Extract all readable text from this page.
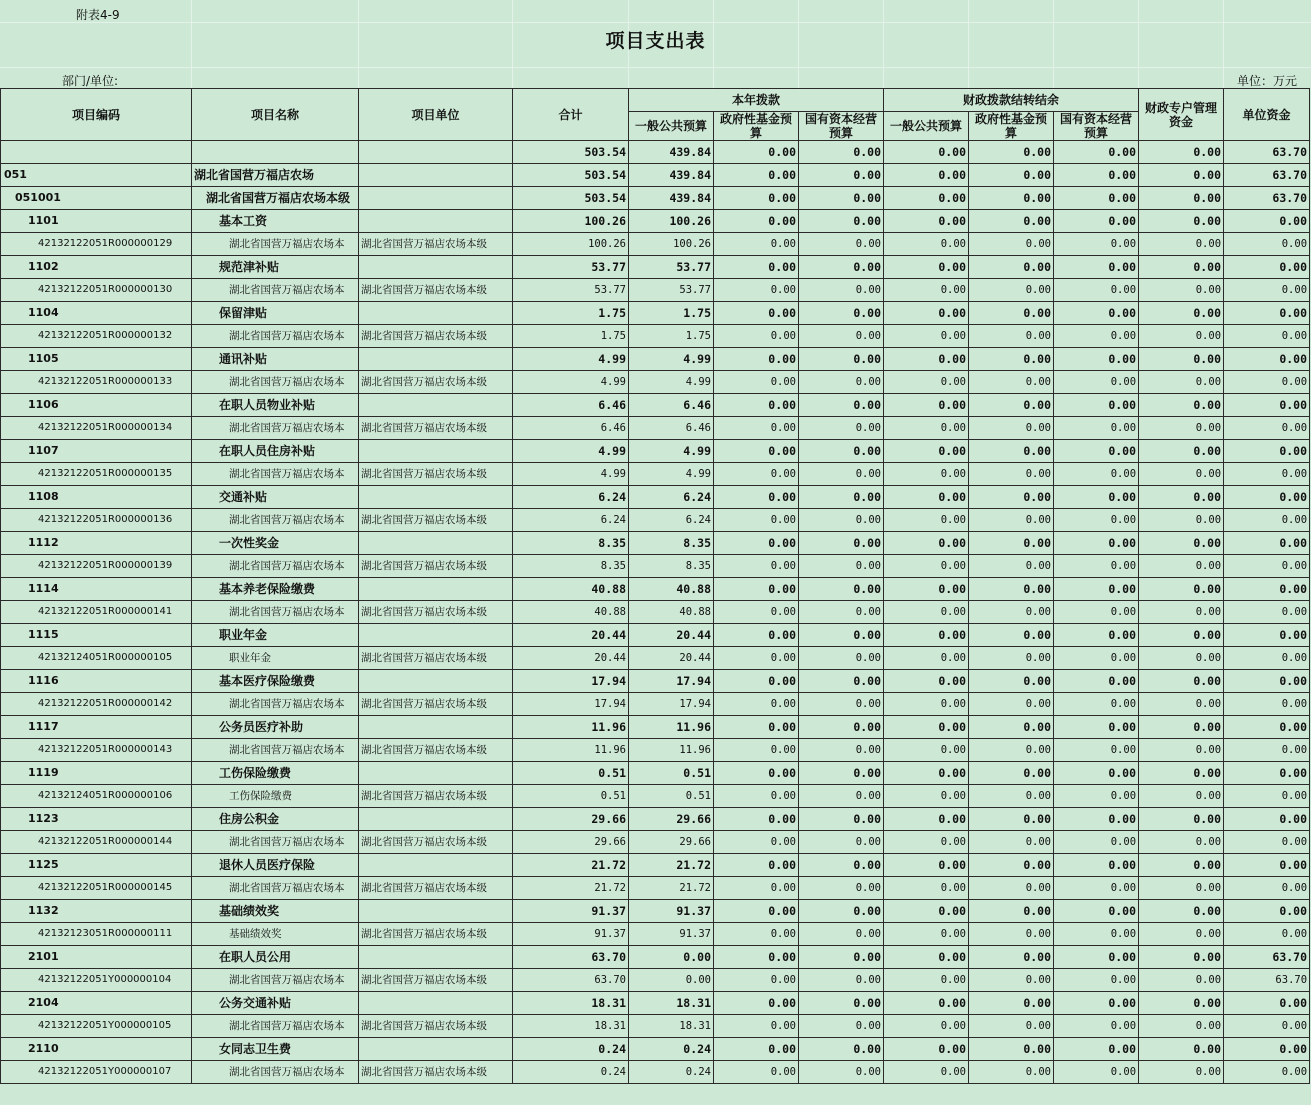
附表4-9
项目支出表
部门/单位:	单位：万元
项目编码	项目名称	项目单位	合计	本年拨款			财政拨款结转结余			财政专户管理资金	单位资金
				一般公共预算	政府性基金预算	国有资本经营预算	一般公共预算	政府性基金预算	国有资本经营预算		
			503.54	439.84	0.00	0.00	0.00	0.00	0.00	0.00	63.70
051	湖北省国营万福店农场		503.54	439.84	0.00	0.00	0.00	0.00	0.00	0.00	63.70
051001	湖北省国营万福店农场本级		503.54	439.84	0.00	0.00	0.00	0.00	0.00	0.00	63.70
1101	基本工资		100.26	100.26	0.00	0.00	0.00	0.00	0.00	0.00	0.00
42132122051R000000129	湖北省国营万福店农场本	湖北省国营万福店农场本级	100.26	100.26	0.00	0.00	0.00	0.00	0.00	0.00	0.00
1102	规范津补贴		53.77	53.77	0.00	0.00	0.00	0.00	0.00	0.00	0.00
42132122051R000000130	湖北省国营万福店农场本	湖北省国营万福店农场本级	53.77	53.77	0.00	0.00	0.00	0.00	0.00	0.00	0.00
1104	保留津贴		1.75	1.75	0.00	0.00	0.00	0.00	0.00	0.00	0.00
42132122051R000000132	湖北省国营万福店农场本	湖北省国营万福店农场本级	1.75	1.75	0.00	0.00	0.00	0.00	0.00	0.00	0.00
1105	通讯补贴		4.99	4.99	0.00	0.00	0.00	0.00	0.00	0.00	0.00
42132122051R000000133	湖北省国营万福店农场本	湖北省国营万福店农场本级	4.99	4.99	0.00	0.00	0.00	0.00	0.00	0.00	0.00
1106	在职人员物业补贴		6.46	6.46	0.00	0.00	0.00	0.00	0.00	0.00	0.00
42132122051R000000134	湖北省国营万福店农场本	湖北省国营万福店农场本级	6.46	6.46	0.00	0.00	0.00	0.00	0.00	0.00	0.00
1107	在职人员住房补贴		4.99	4.99	0.00	0.00	0.00	0.00	0.00	0.00	0.00
42132122051R000000135	湖北省国营万福店农场本	湖北省国营万福店农场本级	4.99	4.99	0.00	0.00	0.00	0.00	0.00	0.00	0.00
1108	交通补贴		6.24	6.24	0.00	0.00	0.00	0.00	0.00	0.00	0.00
42132122051R000000136	湖北省国营万福店农场本	湖北省国营万福店农场本级	6.24	6.24	0.00	0.00	0.00	0.00	0.00	0.00	0.00
1112	一次性奖金		8.35	8.35	0.00	0.00	0.00	0.00	0.00	0.00	0.00
42132122051R000000139	湖北省国营万福店农场本	湖北省国营万福店农场本级	8.35	8.35	0.00	0.00	0.00	0.00	0.00	0.00	0.00
1114	基本养老保险缴费		40.88	40.88	0.00	0.00	0.00	0.00	0.00	0.00	0.00
42132122051R000000141	湖北省国营万福店农场本	湖北省国营万福店农场本级	40.88	40.88	0.00	0.00	0.00	0.00	0.00	0.00	0.00
1115	职业年金		20.44	20.44	0.00	0.00	0.00	0.00	0.00	0.00	0.00
42132124051R000000105	职业年金	湖北省国营万福店农场本级	20.44	20.44	0.00	0.00	0.00	0.00	0.00	0.00	0.00
1116	基本医疗保险缴费		17.94	17.94	0.00	0.00	0.00	0.00	0.00	0.00	0.00
42132122051R000000142	湖北省国营万福店农场本	湖北省国营万福店农场本级	17.94	17.94	0.00	0.00	0.00	0.00	0.00	0.00	0.00
1117	公务员医疗补助		11.96	11.96	0.00	0.00	0.00	0.00	0.00	0.00	0.00
42132122051R000000143	湖北省国营万福店农场本	湖北省国营万福店农场本级	11.96	11.96	0.00	0.00	0.00	0.00	0.00	0.00	0.00
1119	工伤保险缴费		0.51	0.51	0.00	0.00	0.00	0.00	0.00	0.00	0.00
42132124051R000000106	工伤保险缴费	湖北省国营万福店农场本级	0.51	0.51	0.00	0.00	0.00	0.00	0.00	0.00	0.00
1123	住房公积金		29.66	29.66	0.00	0.00	0.00	0.00	0.00	0.00	0.00
42132122051R000000144	湖北省国营万福店农场本	湖北省国营万福店农场本级	29.66	29.66	0.00	0.00	0.00	0.00	0.00	0.00	0.00
1125	退休人员医疗保险		21.72	21.72	0.00	0.00	0.00	0.00	0.00	0.00	0.00
42132122051R000000145	湖北省国营万福店农场本	湖北省国营万福店农场本级	21.72	21.72	0.00	0.00	0.00	0.00	0.00	0.00	0.00
1132	基础绩效奖		91.37	91.37	0.00	0.00	0.00	0.00	0.00	0.00	0.00
42132123051R000000111	基础绩效奖	湖北省国营万福店农场本级	91.37	91.37	0.00	0.00	0.00	0.00	0.00	0.00	0.00
2101	在职人员公用		63.70	0.00	0.00	0.00	0.00	0.00	0.00	0.00	63.70
42132122051Y000000104	湖北省国营万福店农场本	湖北省国营万福店农场本级	63.70	0.00	0.00	0.00	0.00	0.00	0.00	0.00	63.70
2104	公务交通补贴		18.31	18.31	0.00	0.00	0.00	0.00	0.00	0.00	0.00
42132122051Y000000105	湖北省国营万福店农场本	湖北省国营万福店农场本级	18.31	18.31	0.00	0.00	0.00	0.00	0.00	0.00	0.00
2110	女同志卫生费		0.24	0.24	0.00	0.00	0.00	0.00	0.00	0.00	0.00
42132122051Y000000107	湖北省国营万福店农场本	湖北省国营万福店农场本级	0.24	0.24	0.00	0.00	0.00	0.00	0.00	0.00	0.00
